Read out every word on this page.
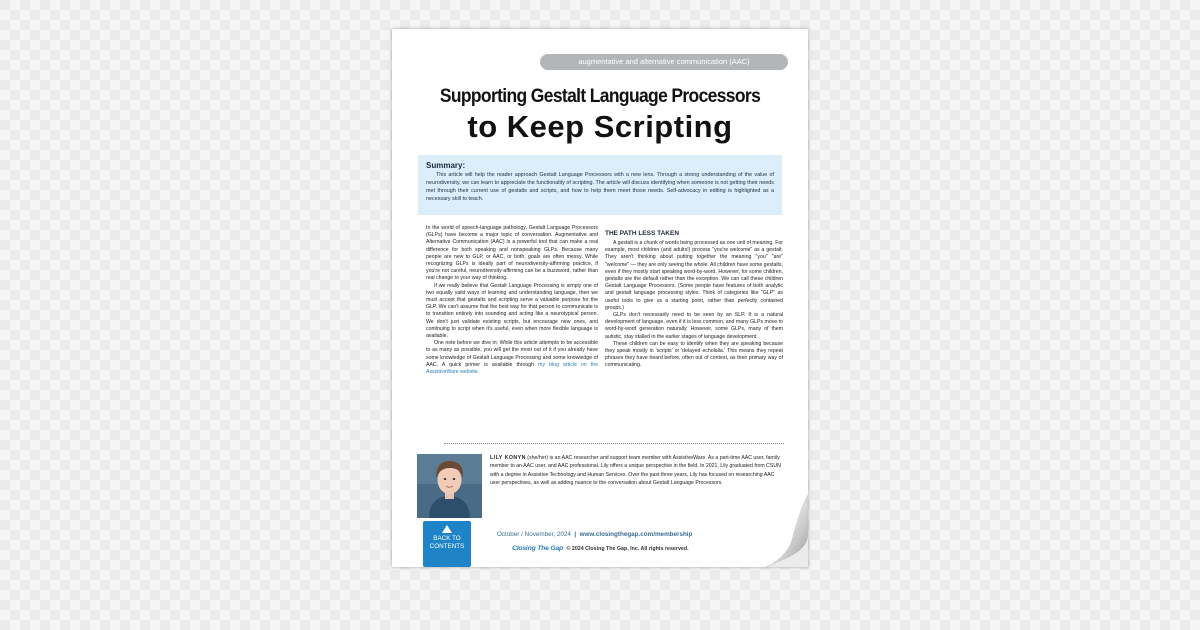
augmentative and alternative communication (AAC)
Supporting Gestalt Language Processors
to Keep Scripting
Summary:
This article will help the reader approach Gestalt Language Processors with a new lens. Through a strong understanding of the value of neurodiversity, we can learn to appreciate the functionality of scripting. The article will discuss identifying when someone is not getting their needs met through their current use of gestalts and scripts, and how to help them meet those needs. Self-advocacy in editing is highlighted as a necessary skill to teach.

In the world of speech-language pathology, Gestalt Language Processors (GLPs) have become a major topic of conversation. Augmentative and Alternative Communication (AAC) is a powerful tool that can make a real difference for both speaking and nonspeaking GLPs. Because many people are new to GLP, or AAC, or both, goals are often messy. While recognizing GLPs is ideally part of neurodiversity-affirming practice, if you're not careful, neurodiversity-affirming can be a buzzword, rather than real change to your way of thinking.

If we really believe that Gestalt Language Processing is simply one of two equally valid ways of learning and understanding language, then we must accept that gestalts and scripting serve a valuable purpose for the GLP. We can't assume that the best way for that person to communicate is to transition entirely into sounding and acting like a neurotypical person. We don't just validate existing scripts, but encourage new ones, and continuing to script when it's useful, even when more flexible language is available.

One note before we dive in: While this article attempts to be accessible to as many as possible, you will get the most out of it if you already have some knowledge of Gestalt Language Processing and some knowledge of AAC. A quick primer is available through my blog article on the AssistiveWare website.

THE PATH LESS TAKEN

A gestalt is a chunk of words being processed as one unit of meaning. For example, most children (and adults!) process "you're welcome" as a gestalt. They aren't thinking about putting together the meaning "you" "are" "welcome" — they are only seeing the whole. All children have some gestalts, even if they mostly start speaking word-by-word. However, for some children, gestalts are the default rather than the exception. We can call these children Gestalt Language Processors. (Some people have features of both analytic and gestalt language processing styles. Think of categories like "GLP" as useful tools to give us a starting point, rather than perfectly contained groups.)

GLPs don't necessarily need to be seen by an SLP. It is a natural development of language, even if it is less common, and many GLPs move to word-by-word generation naturally. However, some GLPs, many of them autistic, stay stalled in the earlier stages of language development.

These children can be easy to identify when they are speaking because they speak mostly in 'scripts' or 'delayed echolalia.' This means they repeat phrases they have heard before, often out of context, as their primary way of communicating.

LILY KONYN (she/her) is an AAC researcher and support team member with AssistiveWare. As a part-time AAC user, family member to an AAC user, and AAC professional, Lily offers a unique perspective in the field. In 2021, Lily graduated from CSUN with a degree in Assistive Technology and Human Services. Over the past three years, Lily has focused on researching AAC user perspectives, as well as adding nuance to the conversation about Gestalt Language Processors.
BACK TO
CONTENTS
October / November, 2024 | www.closingthegap.com/membership
Closing The Gap © 2024 Closing The Gap, Inc. All rights reserved.
